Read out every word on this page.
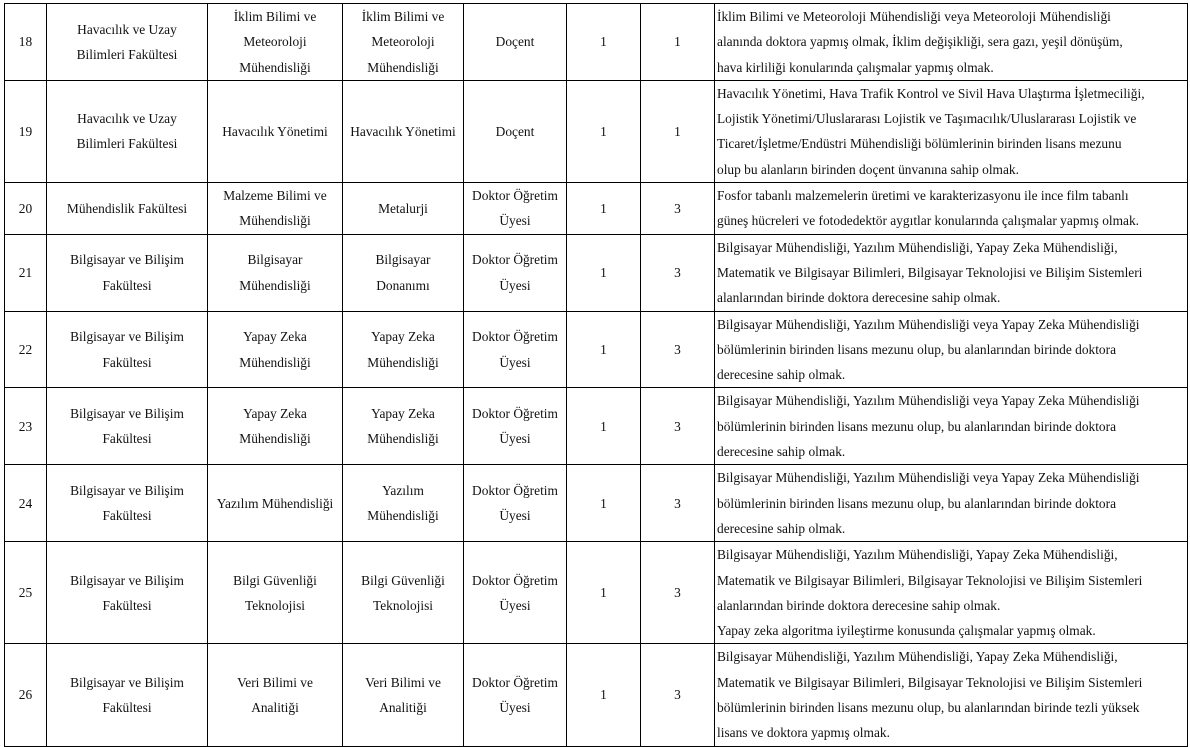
18	Havacılık ve Uzay
Bilimleri Fakültesi	İklim Bilimi ve
Meteoroloji
Mühendisliği	İklim Bilimi ve
Meteoroloji
Mühendisliği	Doçent	1	1	İklim Bilimi ve Meteoroloji Mühendisliği veya Meteoroloji Mühendisliği
alanında doktora yapmış olmak, İklim değişikliği, sera gazı, yeşil dönüşüm,
hava kirliliği konularında çalışmalar yapmış olmak.

19	Havacılık ve Uzay
Bilimleri Fakültesi	Havacılık Yönetimi	Havacılık Yönetimi	Doçent	1	1	Havacılık Yönetimi, Hava Trafik Kontrol ve Sivil Hava Ulaştırma İşletmeciliği,
Lojistik Yönetimi/Uluslararası Lojistik ve Taşımacılık/Uluslararası Lojistik ve
Ticaret/İşletme/Endüstri Mühendisliği bölümlerinin birinden lisans mezunu
olup bu alanların birinden doçent ünvanına sahip olmak.

20	Mühendislik Fakültesi	Malzeme Bilimi ve
Mühendisliği	Metalurji	Doktor Öğretim
Üyesi	1	3	Fosfor tabanlı malzemelerin üretimi ve karakterizasyonu ile ince film tabanlı
güneş hücreleri ve fotodedektör aygıtlar konularında çalışmalar yapmış olmak.

21	Bilgisayar ve Bilişim
Fakültesi	Bilgisayar
Mühendisliği	Bilgisayar
Donanımı	Doktor Öğretim
Üyesi	1	3	Bilgisayar Mühendisliği, Yazılım Mühendisliği, Yapay Zeka Mühendisliği,
Matematik ve Bilgisayar Bilimleri, Bilgisayar Teknolojisi ve Bilişim Sistemleri
alanlarından birinde doktora derecesine sahip olmak.

22	Bilgisayar ve Bilişim
Fakültesi	Yapay Zeka
Mühendisliği	Yapay Zeka
Mühendisliği	Doktor Öğretim
Üyesi	1	3	Bilgisayar Mühendisliği, Yazılım Mühendisliği veya Yapay Zeka Mühendisliği
bölümlerinin birinden lisans mezunu olup, bu alanlarından birinde doktora
derecesine sahip olmak.

23	Bilgisayar ve Bilişim
Fakültesi	Yapay Zeka
Mühendisliği	Yapay Zeka
Mühendisliği	Doktor Öğretim
Üyesi	1	3	Bilgisayar Mühendisliği, Yazılım Mühendisliği veya Yapay Zeka Mühendisliği
bölümlerinin birinden lisans mezunu olup, bu alanlarından birinde doktora
derecesine sahip olmak.

24	Bilgisayar ve Bilişim
Fakültesi	Yazılım Mühendisliği	Yazılım
Mühendisliği	Doktor Öğretim
Üyesi	1	3	Bilgisayar Mühendisliği, Yazılım Mühendisliği veya Yapay Zeka Mühendisliği
bölümlerinin birinden lisans mezunu olup, bu alanlarından birinde doktora
derecesine sahip olmak.

25	Bilgisayar ve Bilişim
Fakültesi	Bilgi Güvenliği
Teknolojisi	Bilgi Güvenliği
Teknolojisi	Doktor Öğretim
Üyesi	1	3	Bilgisayar Mühendisliği, Yazılım Mühendisliği, Yapay Zeka Mühendisliği,
Matematik ve Bilgisayar Bilimleri, Bilgisayar Teknolojisi ve Bilişim Sistemleri
alanlarından birinde doktora derecesine sahip olmak.
Yapay zeka algoritma iyileştirme konusunda çalışmalar yapmış olmak.

26	Bilgisayar ve Bilişim
Fakültesi	Veri Bilimi ve
Analitiği	Veri Bilimi ve
Analitiği	Doktor Öğretim
Üyesi	1	3	Bilgisayar Mühendisliği, Yazılım Mühendisliği, Yapay Zeka Mühendisliği,
Matematik ve Bilgisayar Bilimleri, Bilgisayar Teknolojisi ve Bilişim Sistemleri
bölümlerinin birinden lisans mezunu olup, bu alanlarından birinde tezli yüksek
lisans ve doktora yapmış olmak.
